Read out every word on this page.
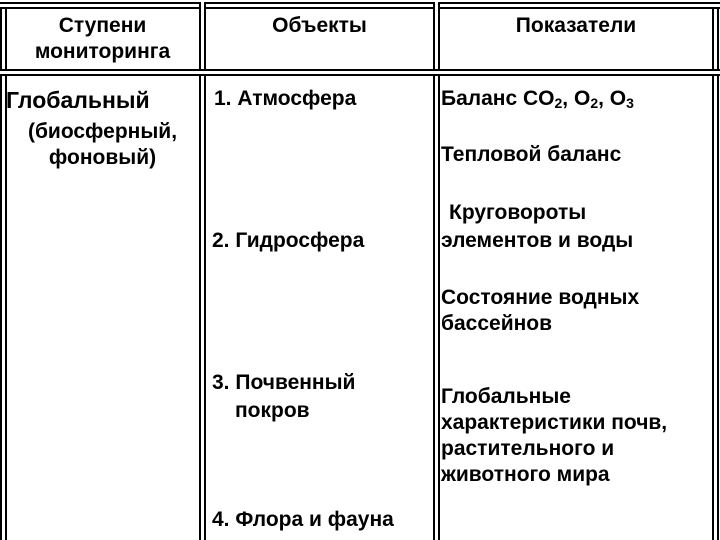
Ступени
мониторинга
Объекты	Показатели
Глобальный
(биосферный,
фоновый)
1. Атмосфера
2. Гидросфера
3. Почвенный
покров
4. Флора и фауна
Баланс $CO_2$, $O_2$, $O_3$
Тепловой баланс
Круговороты
элементов и воды
Состояние водных
бассейнов
Глобальные
характеристики почв,
растительного и
животного мира
